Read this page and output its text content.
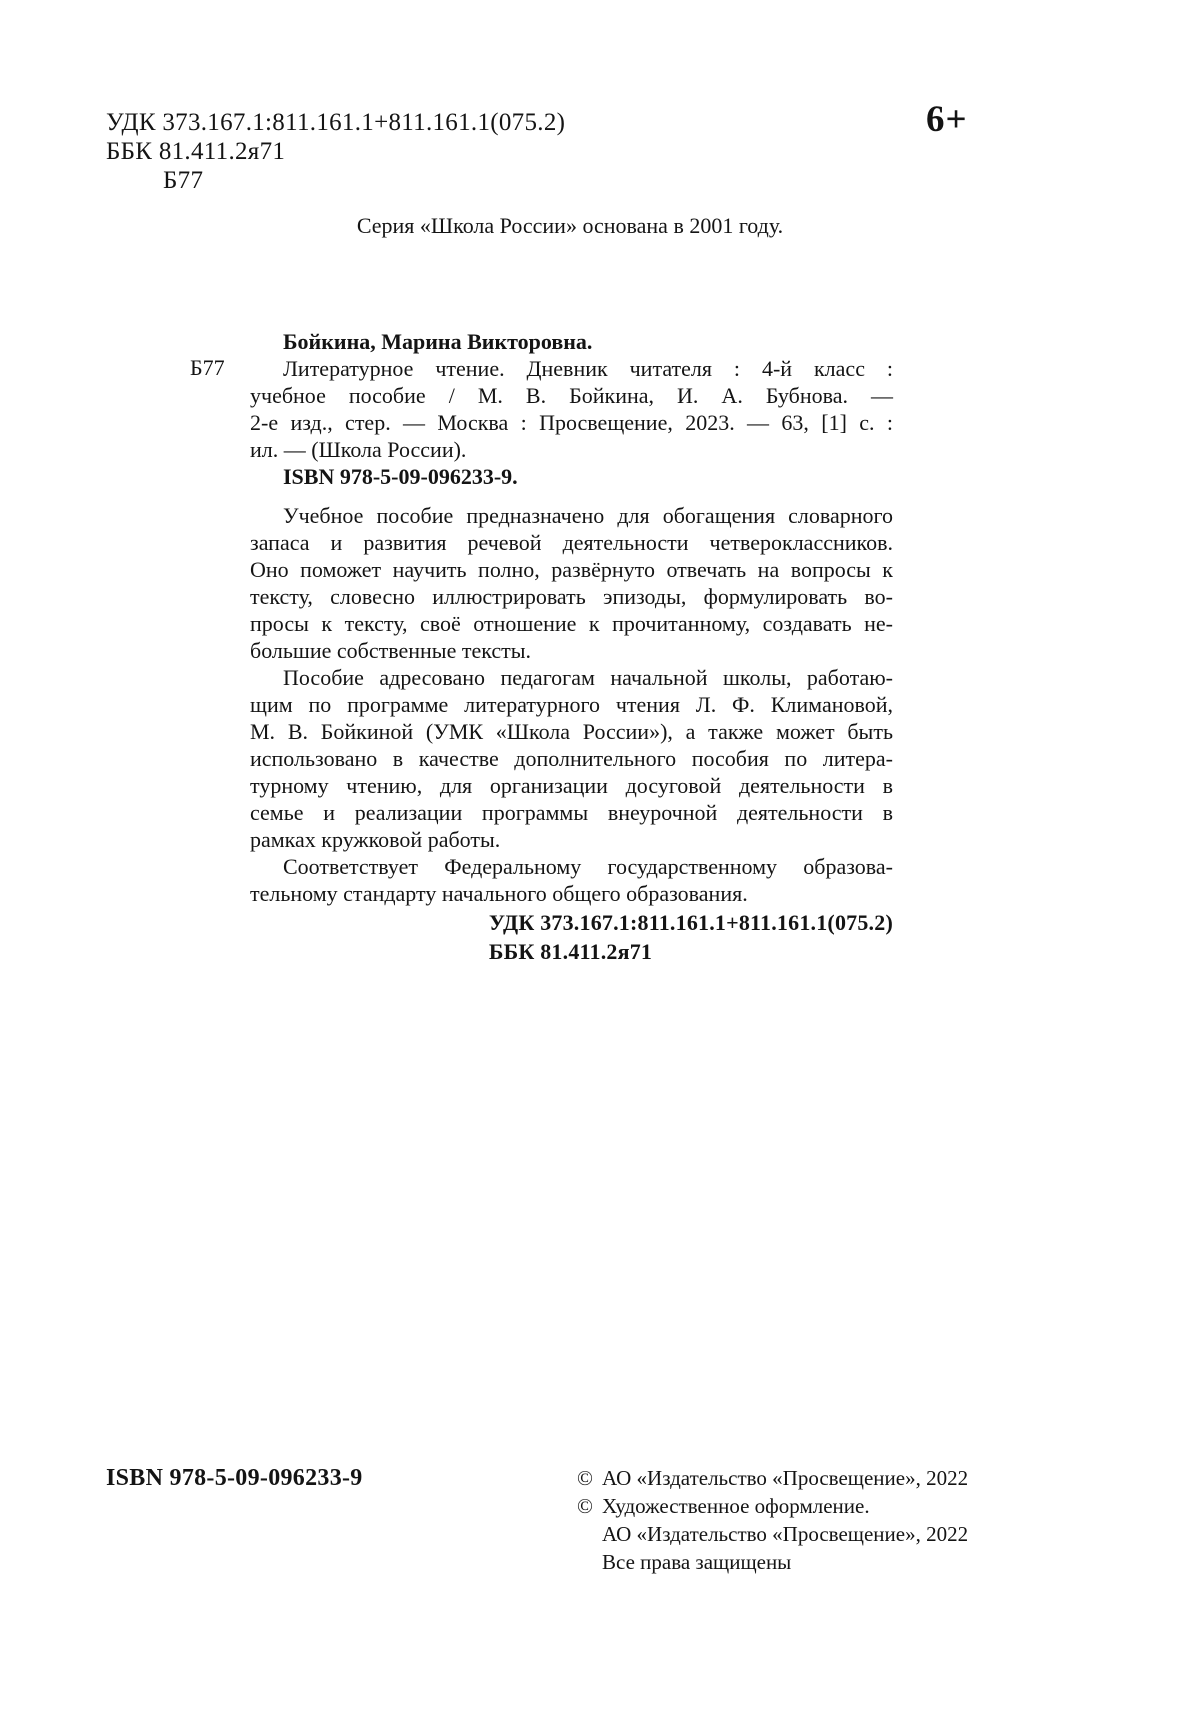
УДК 373.167.1:811.161.1+811.161.1(075.2)
ББК 81.411.2я71
Б77
6+
Серия «Школа России» основана в 2001 году.
Б77
Бойкина, Марина Викторовна.
Литературное чтение. Дневник читателя : 4-й класс :
учебное пособие / М. В. Бойкина, И. А. Бубнова. —
2-е изд., стер. — Москва : Просвещение, 2023. — 63, [1] с. :
ил. — (Школа России).
ISBN 978-5-09-096233-9.
Учебное пособие предназначено для обогащения словарного
запаса и развития речевой деятельности четвероклассников.
Оно поможет научить полно, развёрнуто отвечать на вопросы к
тексту, словесно иллюстрировать эпизоды, формулировать во-
просы к тексту, своё отношение к прочитанному, создавать не-
большие собственные тексты.
Пособие адресовано педагогам начальной школы, работаю-
щим по программе литературного чтения Л. Ф. Климановой,
М. В. Бойкиной (УМК «Школа России»), а также может быть
использовано в качестве дополнительного пособия по литера-
турному чтению, для организации досуговой деятельности в
семье и реализации программы внеурочной деятельности в
рамках кружковой работы.
Соответствует Федеральному государственному образова-
тельному стандарту начального общего образования.
УДК 373.167.1:811.161.1+811.161.1(075.2)
ББК 81.411.2я71
ISBN 978-5-09-096233-9	© АО «Издательство «Просвещение», 2022
© Художественное оформление.
АО «Издательство «Просвещение», 2022
Все права защищены
